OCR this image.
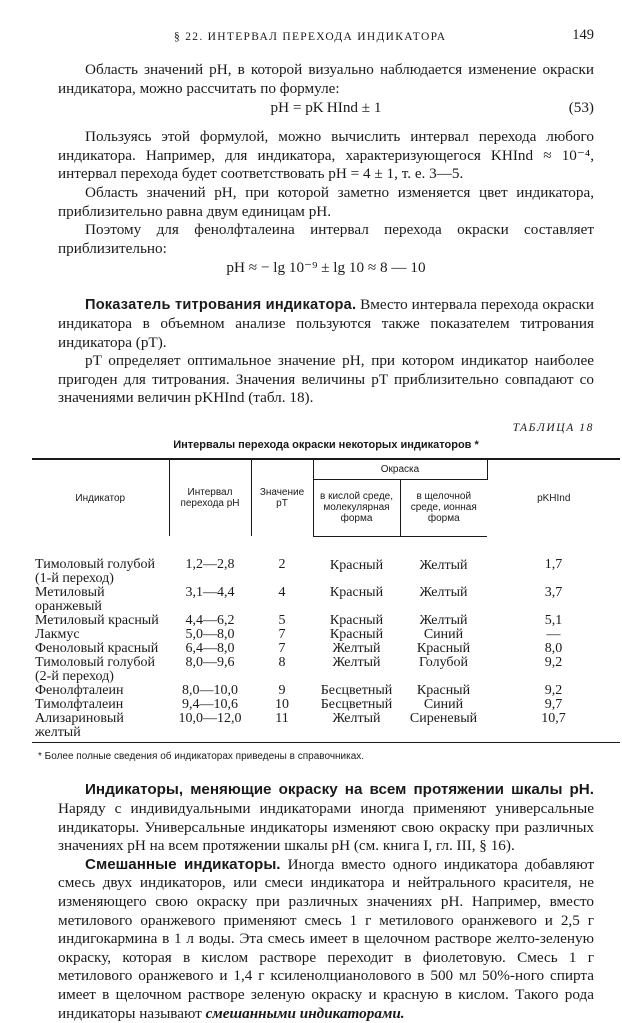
§ 22. ИНТЕРВАЛ ПЕРЕХОДА ИНДИКАТОРА	149

Область значений pH, в которой визуально наблюдается изменение окраски индикатора, можно рассчитать по формуле:

pH = pK HInd ± 1	(53)

Пользуясь этой формулой, можно вычислить интервал перехода любого индикатора. Например, для индикатора, характеризующегося KHInd ≈ 10⁻⁴, интервал перехода будет соответствовать pH = 4 ± 1, т. е. 3—5.

Область значений pH, при которой заметно изменяется цвет индикатора, приблизительно равна двум единицам pH.

Поэтому для фенолфталеина интервал перехода окраски составляет приблизительно:

pH ≈ − lg 10⁻⁹ ± lg 10 ≈ 8 — 10

Показатель титрования индикатора. Вместо интервала перехода окраски индикатора в объемном анализе пользуются также показателем титрования индикатора (pT).

pT определяет оптимальное значение pH, при котором индикатор наиболее пригоден для титрования. Значения величины pT приблизительно совпадают со значениями величин pKHInd (табл. 18).

ТАБЛИЦА 18
Интервалы перехода окраски некоторых индикаторов *
Индикатор	Интервал перехода pH	Значение pT	Окраска		pKHInd
			в кислой среде, молекулярная форма	в щелочной среде, ионная форма	
Тимоловый голубой (1-й переход)	1,2—2,8	2	Красный	Желтый	1,7
Метиловый оранжевый	3,1—4,4	4	Красный	Желтый	3,7
Метиловый красный	4,4—6,2	5	Красный	Желтый	5,1
Лакмус	5,0—8,0	7	Красный	Синий	—
Феноловый красный	6,4—8,0	7	Желтый	Красный	8,0
Тимоловый голубой (2-й переход)	8,0—9,6	8	Желтый	Голубой	9,2
Фенолфталеин	8,0—10,0	9	Бесцветный	Красный	9,2
Тимолфталеин	9,4—10,6	10	Бесцветный	Синий	9,7
Ализариновый желтый	10,0—12,0	11	Желтый	Сиреневый	10,7
* Более полные сведения об индикаторах приведены в справочниках.

Индикаторы, меняющие окраску на всем протяжении шкалы pH. Наряду с индивидуальными индикаторами иногда применяют универсальные индикаторы. Универсальные индикаторы изменяют свою окраску при различных значениях pH на всем протяжении шкалы pH (см. книга I, гл. III, § 16).

Смешанные индикаторы. Иногда вместо одного индикатора добавляют смесь двух индикаторов, или смеси индикатора и нейтрального красителя, не изменяющего свою окраску при различных значениях pH. Например, вместо метилового оранжевого применяют смесь 1 г метилового оранжевого и 2,5 г индигокармина в 1 л воды. Эта смесь имеет в щелочном растворе желто-зеленую окраску, которая в кислом растворе переходит в фиолетовую. Смесь 1 г метилового оранжевого и 1,4 г ксиленолцианолового в 500 мл 50%-ного спирта имеет в щелочном растворе зеленую окраску и красную в кислом. Такого рода индикаторы называют смешанными индикаторами.
